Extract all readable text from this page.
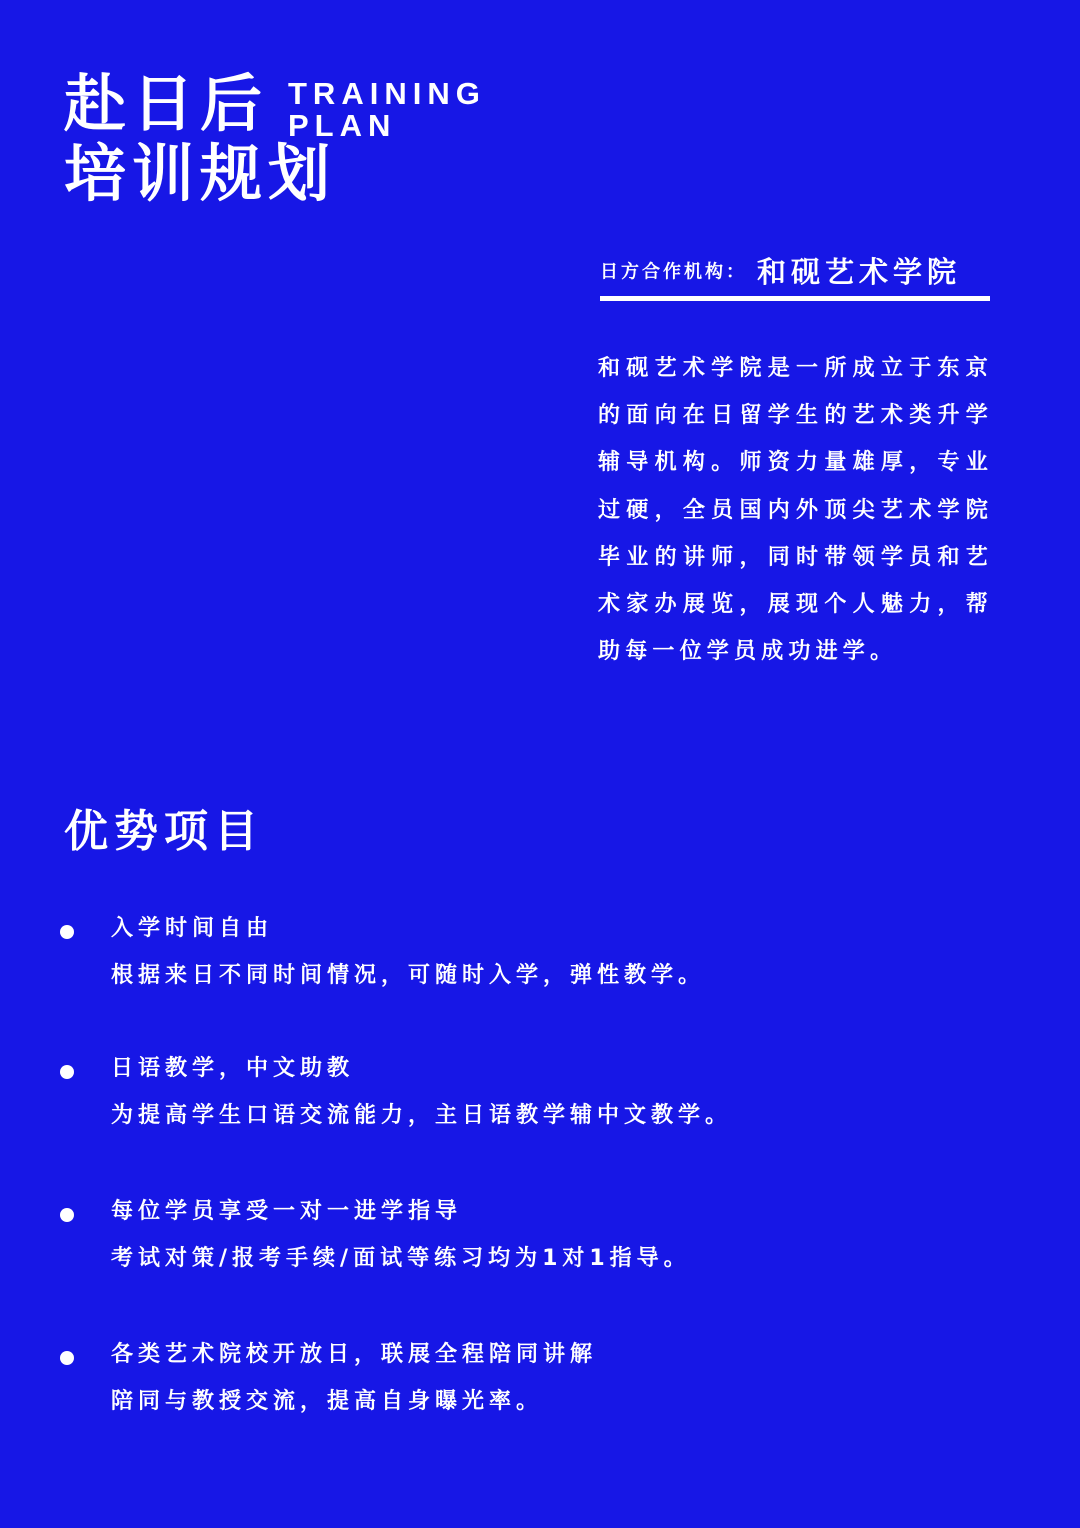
赴日后
培训规划
TRAINING
PLAN
日方合作机构： 和砚艺术学院
和砚艺术学院是一所成立于东京的面向在日留学生的艺术类升学辅导机构。师资力量雄厚，专业过硬，全员国内外顶尖艺术学院毕业的讲师，同时带领学员和艺术家办展览，展现个人魅力，帮助每一位学员成功进学。
优势项目
入学时间自由
根据来日不同时间情况，可随时入学，弹性教学。
日语教学，中文助教
为提高学生口语交流能力，主日语教学辅中文教学。
每位学员享受一对一进学指导
考试对策/报考手续/面试等练习均为1对1指导。
各类艺术院校开放日，联展全程陪同讲解
陪同与教授交流，提高自身曝光率。
